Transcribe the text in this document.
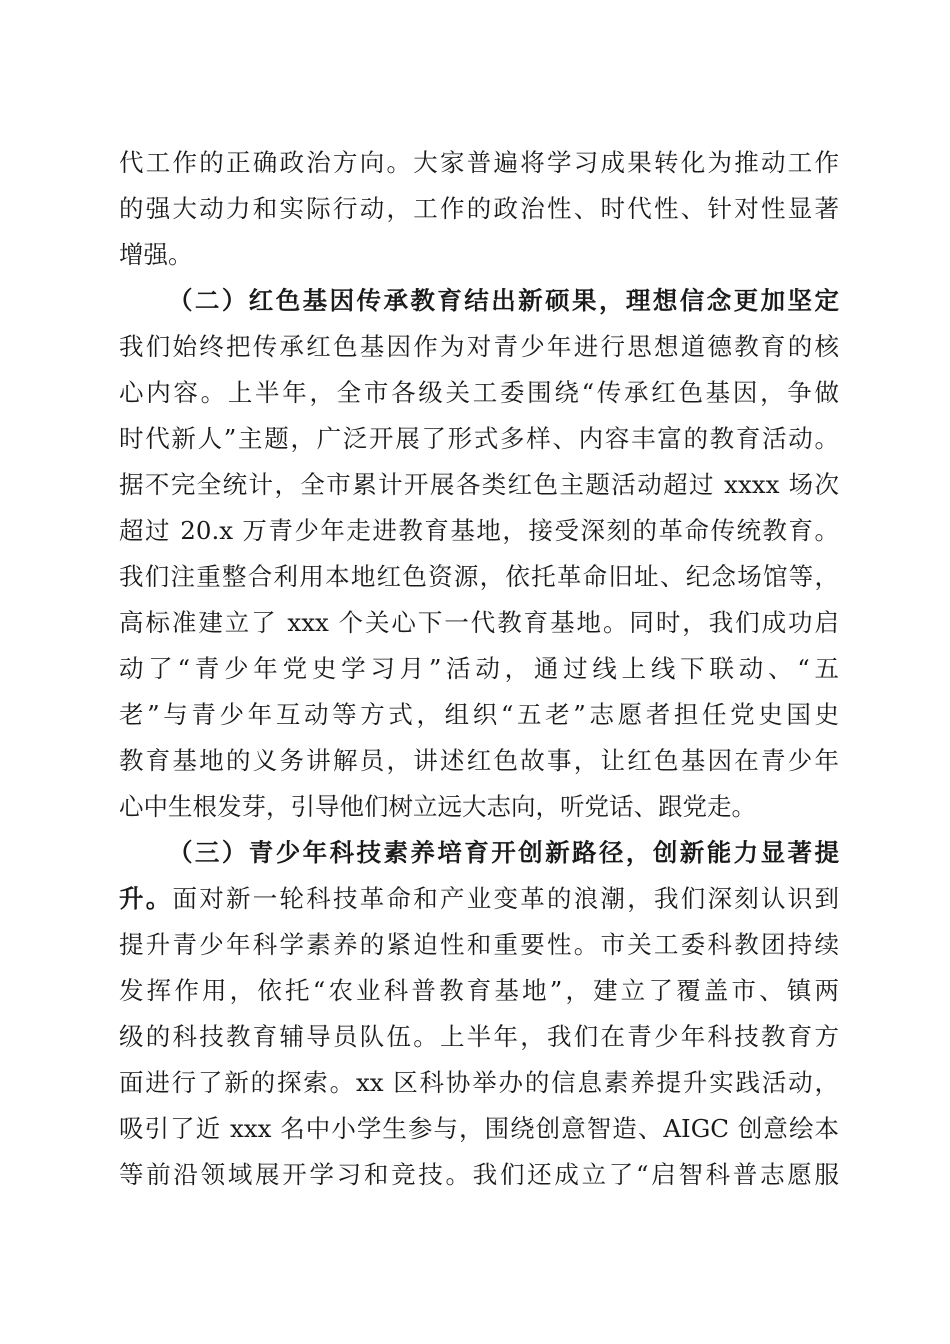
代工作的正确政治方向。大家普遍将学习成果转化为推动工作
的强大动力和实际行动，工作的政治性、时代性、针对性显著
增强。
（二）红色基因传承教育结出新硕果，理想信念更加坚定
我们始终把传承红色基因作为对青少年进行思想道德教育的核
心内容。上半年，全市各级关工委围绕“传承红色基因，争做
时代新人”主题，广泛开展了形式多样、内容丰富的教育活动。
据不完全统计，全市累计开展各类红色主题活动超过 xxxx 场次
超过 20.x 万青少年走进教育基地，接受深刻的革命传统教育。
我们注重整合利用本地红色资源，依托革命旧址、纪念场馆等，
高标准建立了 xxx 个关心下一代教育基地。同时，我们成功启
动了“青少年党史学习月”活动，通过线上线下联动、“五
老”与青少年互动等方式，组织“五老”志愿者担任党史国史
教育基地的义务讲解员，讲述红色故事，让红色基因在青少年
心中生根发芽，引导他们树立远大志向，听党话、跟党走。
（三）青少年科技素养培育开创新路径，创新能力显著提
升。面对新一轮科技革命和产业变革的浪潮，我们深刻认识到
提升青少年科学素养的紧迫性和重要性。市关工委科教团持续
发挥作用，依托“农业科普教育基地”，建立了覆盖市、镇两
级的科技教育辅导员队伍。上半年，我们在青少年科技教育方
面进行了新的探索。xx 区科协举办的信息素养提升实践活动，
吸引了近 xxx 名中小学生参与，围绕创意智造、AIGC 创意绘本
等前沿领域展开学习和竞技。我们还成立了“启智科普志愿服
